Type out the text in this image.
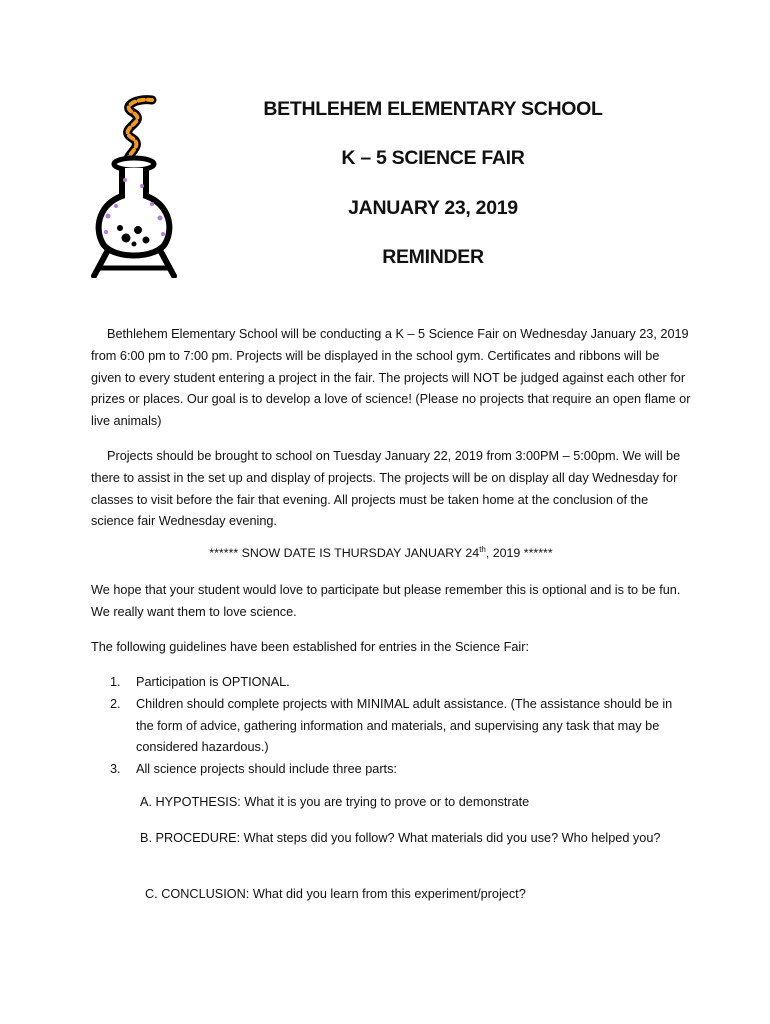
BETHLEHEM ELEMENTARY SCHOOL
K – 5 SCIENCE FAIR
JANUARY 23, 2019
REMINDER
Bethlehem Elementary School will be conducting a K – 5 Science Fair on Wednesday January 23, 2019 from 6:00 pm to 7:00 pm. Projects will be displayed in the school gym. Certificates and ribbons will be given to every student entering a project in the fair. The projects will NOT be judged against each other for prizes or places. Our goal is to develop a love of science! (Please no projects that require an open flame or live animals)
Projects should be brought to school on Tuesday January 22, 2019 from 3:00PM – 5:00pm. We will be there to assist in the set up and display of projects. The projects will be on display all day Wednesday for classes to visit before the fair that evening. All projects must be taken home at the conclusion of the science fair Wednesday evening.
****** SNOW DATE IS THURSDAY JANUARY 24th, 2019 ******
We hope that your student would love to participate but please remember this is optional and is to be fun. We really want them to love science.
The following guidelines have been established for entries in the Science Fair:
1. Participation is OPTIONAL.
2. Children should complete projects with MINIMAL adult assistance. (The assistance should be in the form of advice, gathering information and materials, and supervising any task that may be considered hazardous.)
3. All science projects should include three parts:
A. HYPOTHESIS: What it is you are trying to prove or to demonstrate
B. PROCEDURE: What steps did you follow? What materials did you use? Who helped you?
C. CONCLUSION: What did you learn from this experiment/project?
